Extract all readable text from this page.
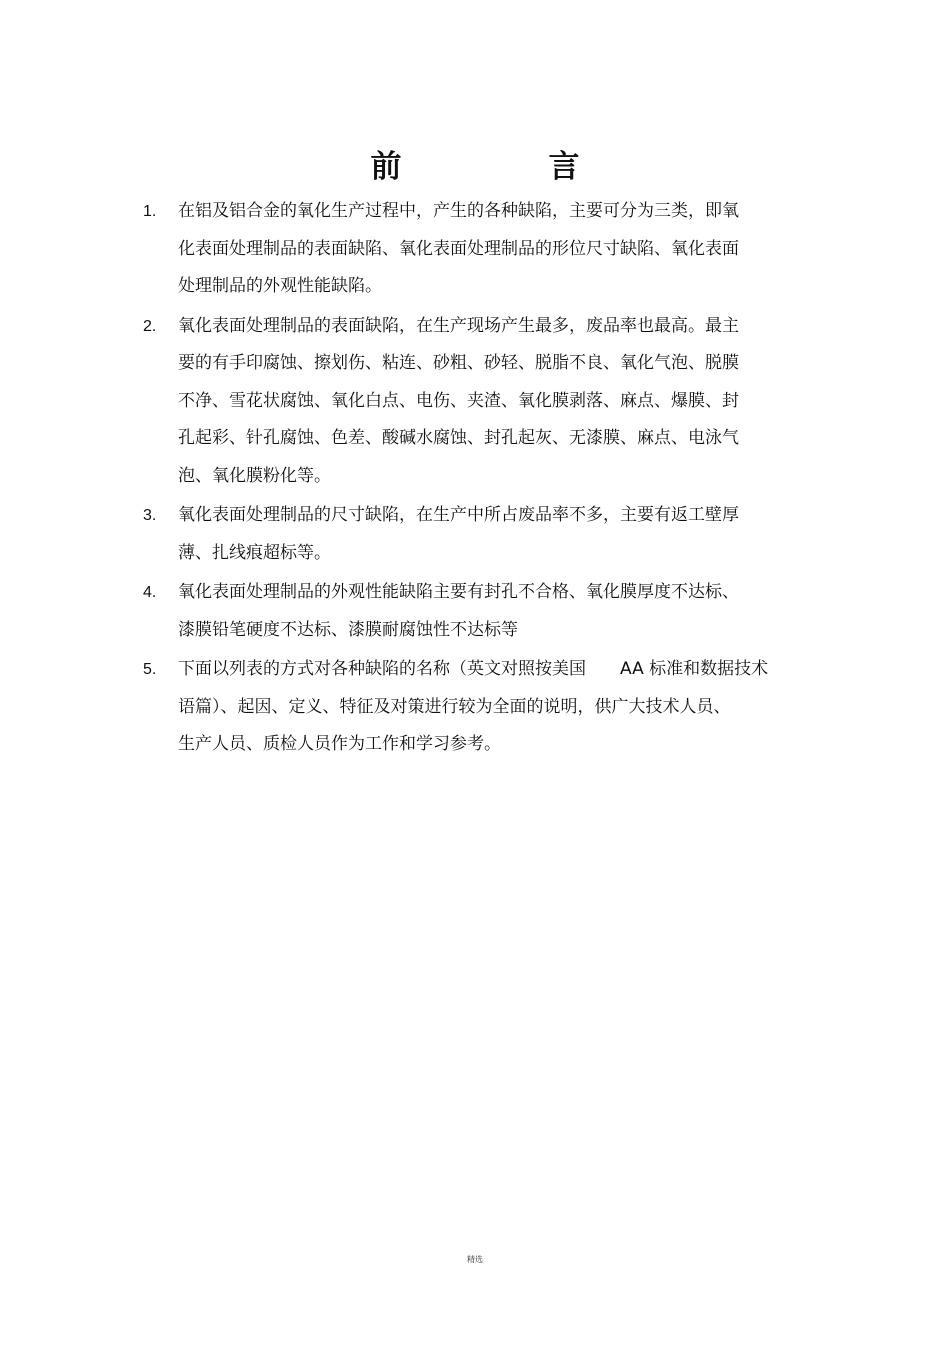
前　言
1.	在铝及铝合金的氧化生产过程中，产生的各种缺陷，主要可分为三类，即氧
化表面处理制品的表面缺陷、氧化表面处理制品的形位尺寸缺陷、氧化表面
处理制品的外观性能缺陷。

2.	氧化表面处理制品的表面缺陷，在生产现场产生最多，废品率也最高。最主
要的有手印腐蚀、擦划伤、粘连、砂粗、砂轻、脱脂不良、氧化气泡、脱膜
不净、雪花状腐蚀、氧化白点、电伤、夹渣、氧化膜剥落、麻点、爆膜、封
孔起彩、针孔腐蚀、色差、酸碱水腐蚀、封孔起灰、无漆膜、麻点、电泳气
泡、氧化膜粉化等。

3.	氧化表面处理制品的尺寸缺陷，在生产中所占废品率不多，主要有返工壁厚
薄、扎线痕超标等。

4.	氧化表面处理制品的外观性能缺陷主要有封孔不合格、氧化膜厚度不达标、
漆膜铅笔硬度不达标、漆膜耐腐蚀性不达标等

5.	下面以列表的方式对各种缺陷的名称（英文对照按美国　　AA 标准和数据技术
语篇）、起因、定义、特征及对策进行较为全面的说明，供广大技术人员、
生产人员、质检人员作为工作和学习参考。

精选
